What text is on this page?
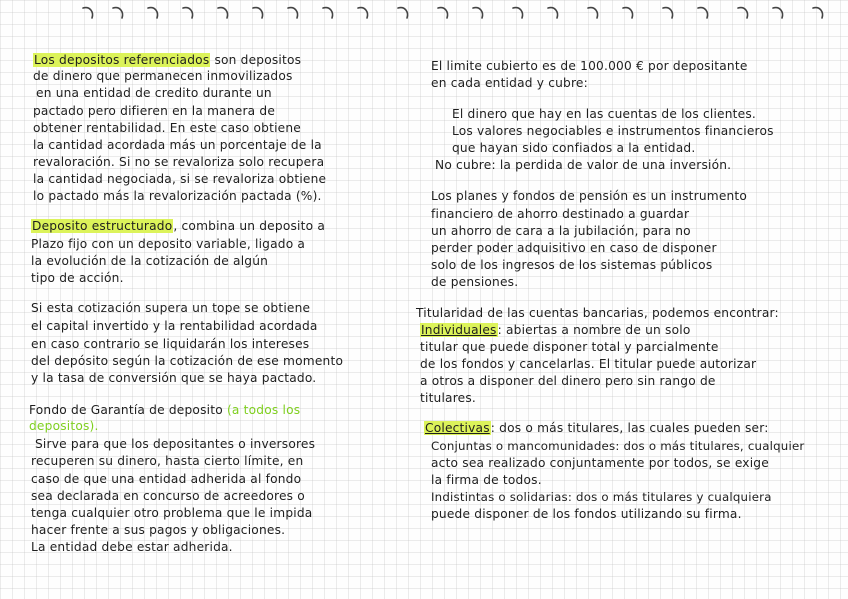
Los depositos referenciados son depositos
de dinero que permanecen inmovilizados
en una entidad de credito durante un
pactado pero difieren en la manera de
obtener rentabilidad. En este caso obtiene
la cantidad acordada más un porcentaje de la
revaloración. Si no se revaloriza solo recupera
la cantidad negociada, si se revaloriza obtiene
lo pactado más la revalorización pactada (%).
Deposito estructurado, combina un deposito a
Plazo fijo con un deposito variable, ligado a
la evolución de la cotización de algún
tipo de acción.
Si esta cotización supera un tope se obtiene
el capital invertido y la rentabilidad acordada
en caso contrario se liquidarán los intereses
del depósito según la cotización de ese momento
y la tasa de conversión que se haya pactado.
Fondo de Garantía de deposito (a todos los
depositos).
Sirve para que los depositantes o inversores
recuperen su dinero, hasta cierto límite, en
caso de que una entidad adherida al fondo
sea declarada en concurso de acreedores o
tenga cualquier otro problema que le impida
hacer frente a sus pagos y obligaciones.
La entidad debe estar adherida.
El limite cubierto es de 100.000 € por depositante
en cada entidad y cubre:
El dinero que hay en las cuentas de los clientes.
Los valores negociables e instrumentos financieros
que hayan sido confiados a la entidad.
No cubre: la perdida de valor de una inversión.
Los planes y fondos de pensión es un instrumento
financiero de ahorro destinado a guardar
un ahorro de cara a la jubilación, para no
perder poder adquisitivo en caso de disponer
solo de los ingresos de los sistemas públicos
de pensiones.
Titularidad de las cuentas bancarias, podemos encontrar:
Individuales: abiertas a nombre de un solo
titular que puede disponer total y parcialmente
de los fondos y cancelarlas. El titular puede autorizar
a otros a disponer del dinero pero sin rango de
titulares.
Colectivas: dos o más titulares, las cuales pueden ser:
Conjuntas o mancomunidades: dos o más titulares, cualquier
acto sea realizado conjuntamente por todos, se exige
la firma de todos.
Indistintas o solidarias: dos o más titulares y cualquiera
puede disponer de los fondos utilizando su firma.
